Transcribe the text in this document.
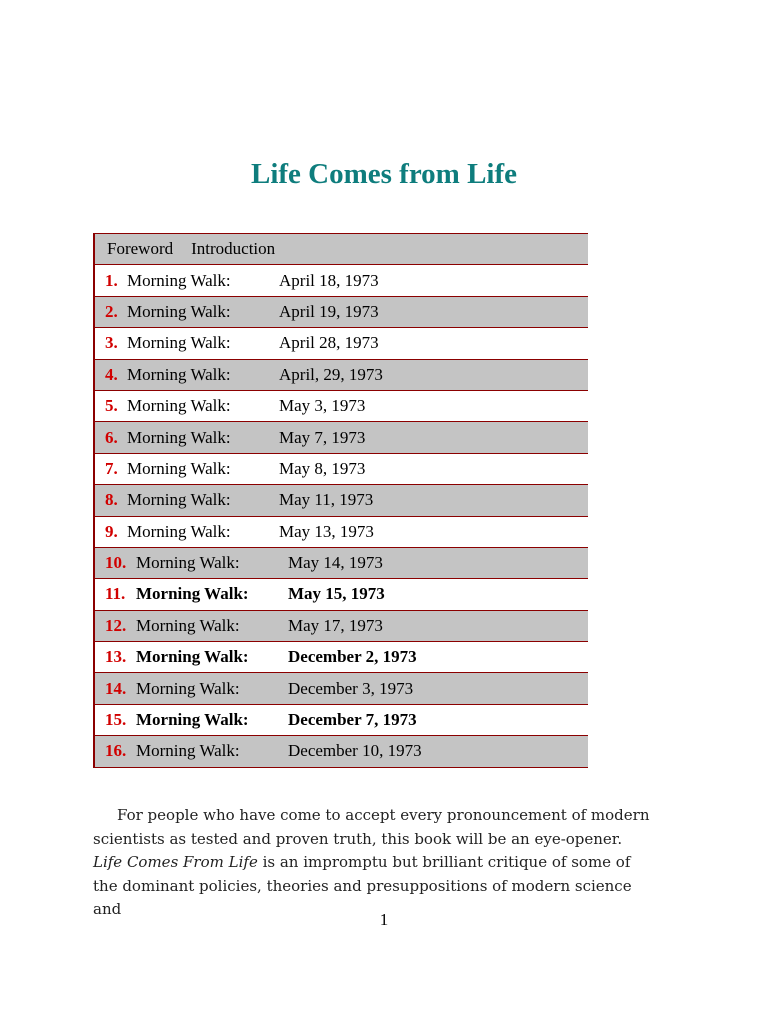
Life Comes from Life
Foreword Introduction
1. Morning Walk:	April 18, 1973
2. Morning Walk:	April 19, 1973
3. Morning Walk:	April 28, 1973
4. Morning Walk:	April, 29, 1973
5. Morning Walk:	May 3, 1973
6. Morning Walk:	May 7, 1973
7. Morning Walk:	May 8, 1973
8. Morning Walk:	May 11, 1973
9. Morning Walk:	May 13, 1973
10. Morning Walk:	May 14, 1973
11. Morning Walk:	May 15, 1973
12. Morning Walk:	May 17, 1973
13. Morning Walk:	December 2, 1973
14. Morning Walk:	December 3, 1973
15. Morning Walk:	December 7, 1973
16. Morning Walk:	December 10, 1973
For people who have come to accept every pronouncement of modern scientists as tested and proven truth, this book will be an eye-opener. Life Comes From Life is an impromptu but brilliant critique of some of the dominant policies, theories and presuppositions of modern science and
1
